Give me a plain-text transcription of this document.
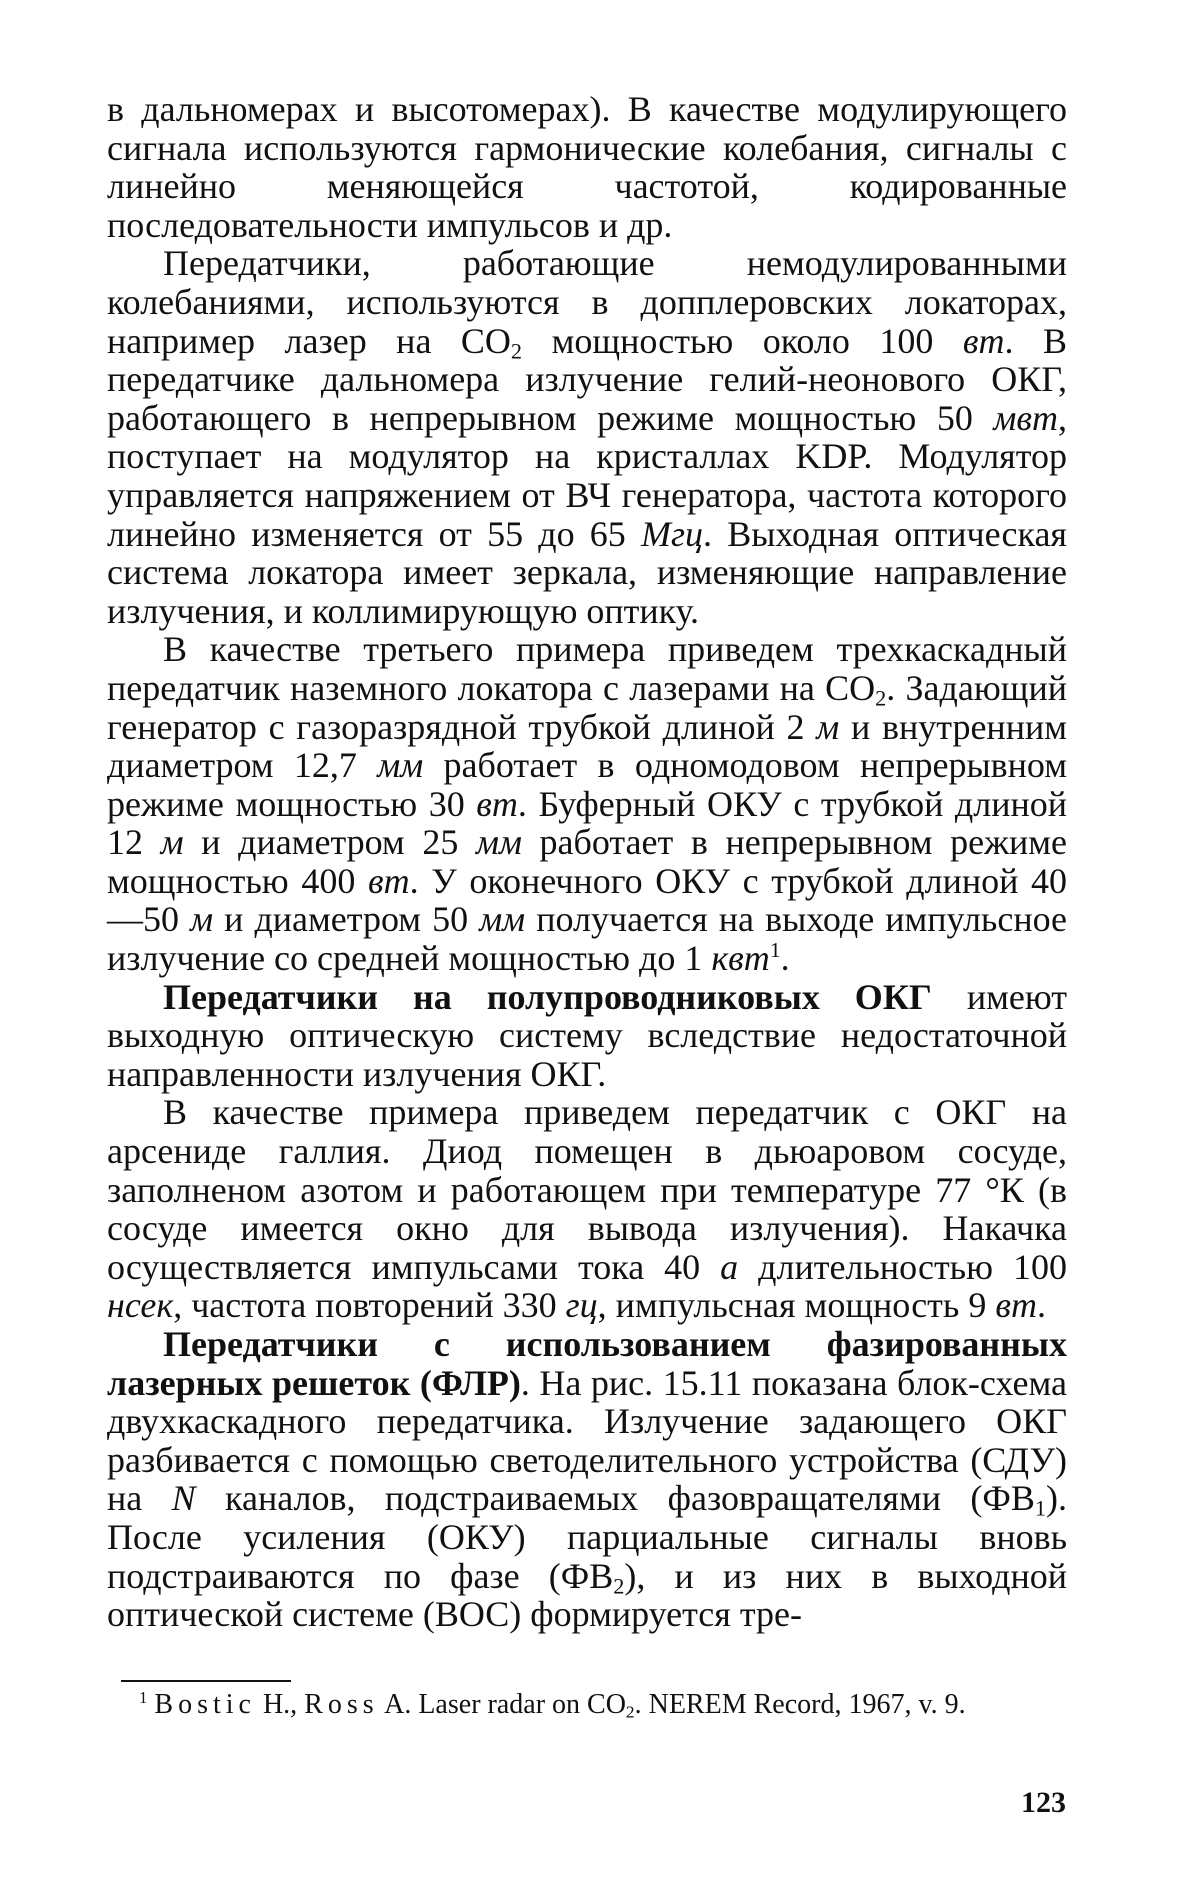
в дальномерах и высотомерах). В качестве модулирующего сигнала используются гармонические колебания, сигналы с линейно меняющейся частотой, кодированные последовательности импульсов и др.

Передатчики, работающие немодулированными колебаниями, используются в допплеровских локаторах, например лазер на $CO_2$ мощностью около 100 вт. В передатчике дальномера излучение гелий-неонового ОКГ, работающего в непрерывном режиме мощностью 50 мвт, поступает на модулятор на кристаллах KDP. Модулятор управляется напряжением от ВЧ генератора, частота которого линейно изменяется от 55 до 65 Мгц. Выходная оптическая система локатора имеет зеркала, изменяющие направление излучения, и коллимирующую оптику.

В качестве третьего примера приведем трехкаскадный передатчик наземного локатора с лазерами на $CO_2$. Задающий генератор с газоразрядной трубкой длиной 2 м и внутренним диаметром 12,7 мм работает в одномодовом непрерывном режиме мощностью 30 вт. Буферный ОКУ с трубкой длиной 12 м и диаметром 25 мм работает в непрерывном режиме мощностью 400 вт. У оконечного ОКУ с трубкой длиной 40—50 м и диаметром 50 мм получается на выходе импульсное излучение со средней мощностью до 1 квт$^1$.

Передатчики на полупроводниковых ОКГ имеют выходную оптическую систему вследствие недостаточной направленности излучения ОКГ.

В качестве примера приведем передатчик с ОКГ на арсениде галлия. Диод помещен в дьюаровом сосуде, заполненом азотом и работающем при температуре 77 °К (в сосуде имеется окно для вывода излучения). Накачка осуществляется импульсами тока 40 а длительностью 100 нсек, частота повторений 330 гц, импульсная мощность 9 вт.

Передатчики с использованием фазированных лазерных решеток (ФЛР). На рис. 15.11 показана блок-схема двухкаскадного передатчика. Излучение задающего ОКГ разбивается с помощью светоделительного устройства (СДУ) на N каналов, подстраиваемых фазовращателями $(ФВ_1)$. После усиления (ОКУ) парциальные сигналы вновь подстраиваются по фазе $(ФВ_2)$, и из них в выходной оптической системе (ВОС) формируется тре-

$^1$ Bostic H., Ross A. Laser radar on $CO_2$. NEREM Record, 1967, v. 9.

123
